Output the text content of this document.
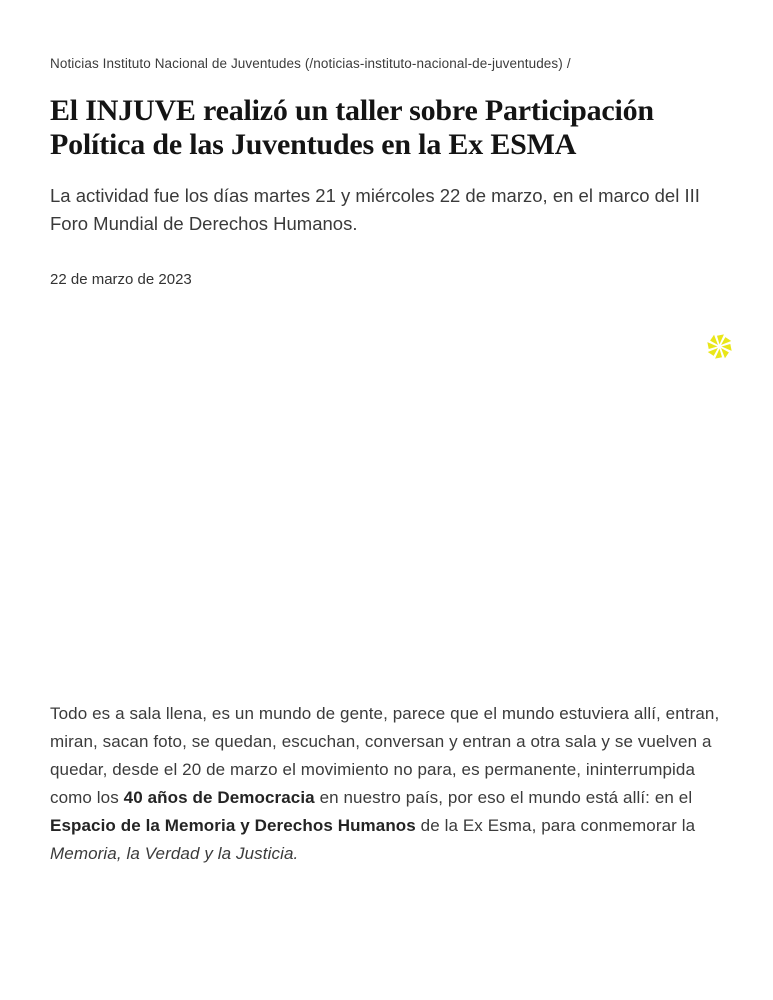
Noticias Instituto Nacional de Juventudes (/noticias-instituto-nacional-de-juventudes) /
El INJUVE realizó un taller sobre Participación Política de las Juventudes en la Ex ESMA

La actividad fue los días martes 21 y miércoles 22 de marzo, en el marco del III Foro Mundial de Derechos Humanos.

22 de marzo de 2023

Todo es a sala llena, es un mundo de gente, parece que el mundo estuviera allí, entran, miran, sacan foto, se quedan, escuchan, conversan y entran a otra sala y se vuelven a quedar, desde el 20 de marzo el movimiento no para, es permanente, ininterrumpida como los 40 años de Democracia en nuestro país, por eso el mundo está allí: en el Espacio de la Memoria y Derechos Humanos de la Ex Esma, para conmemorar la Memoria, la Verdad y la Justicia.
